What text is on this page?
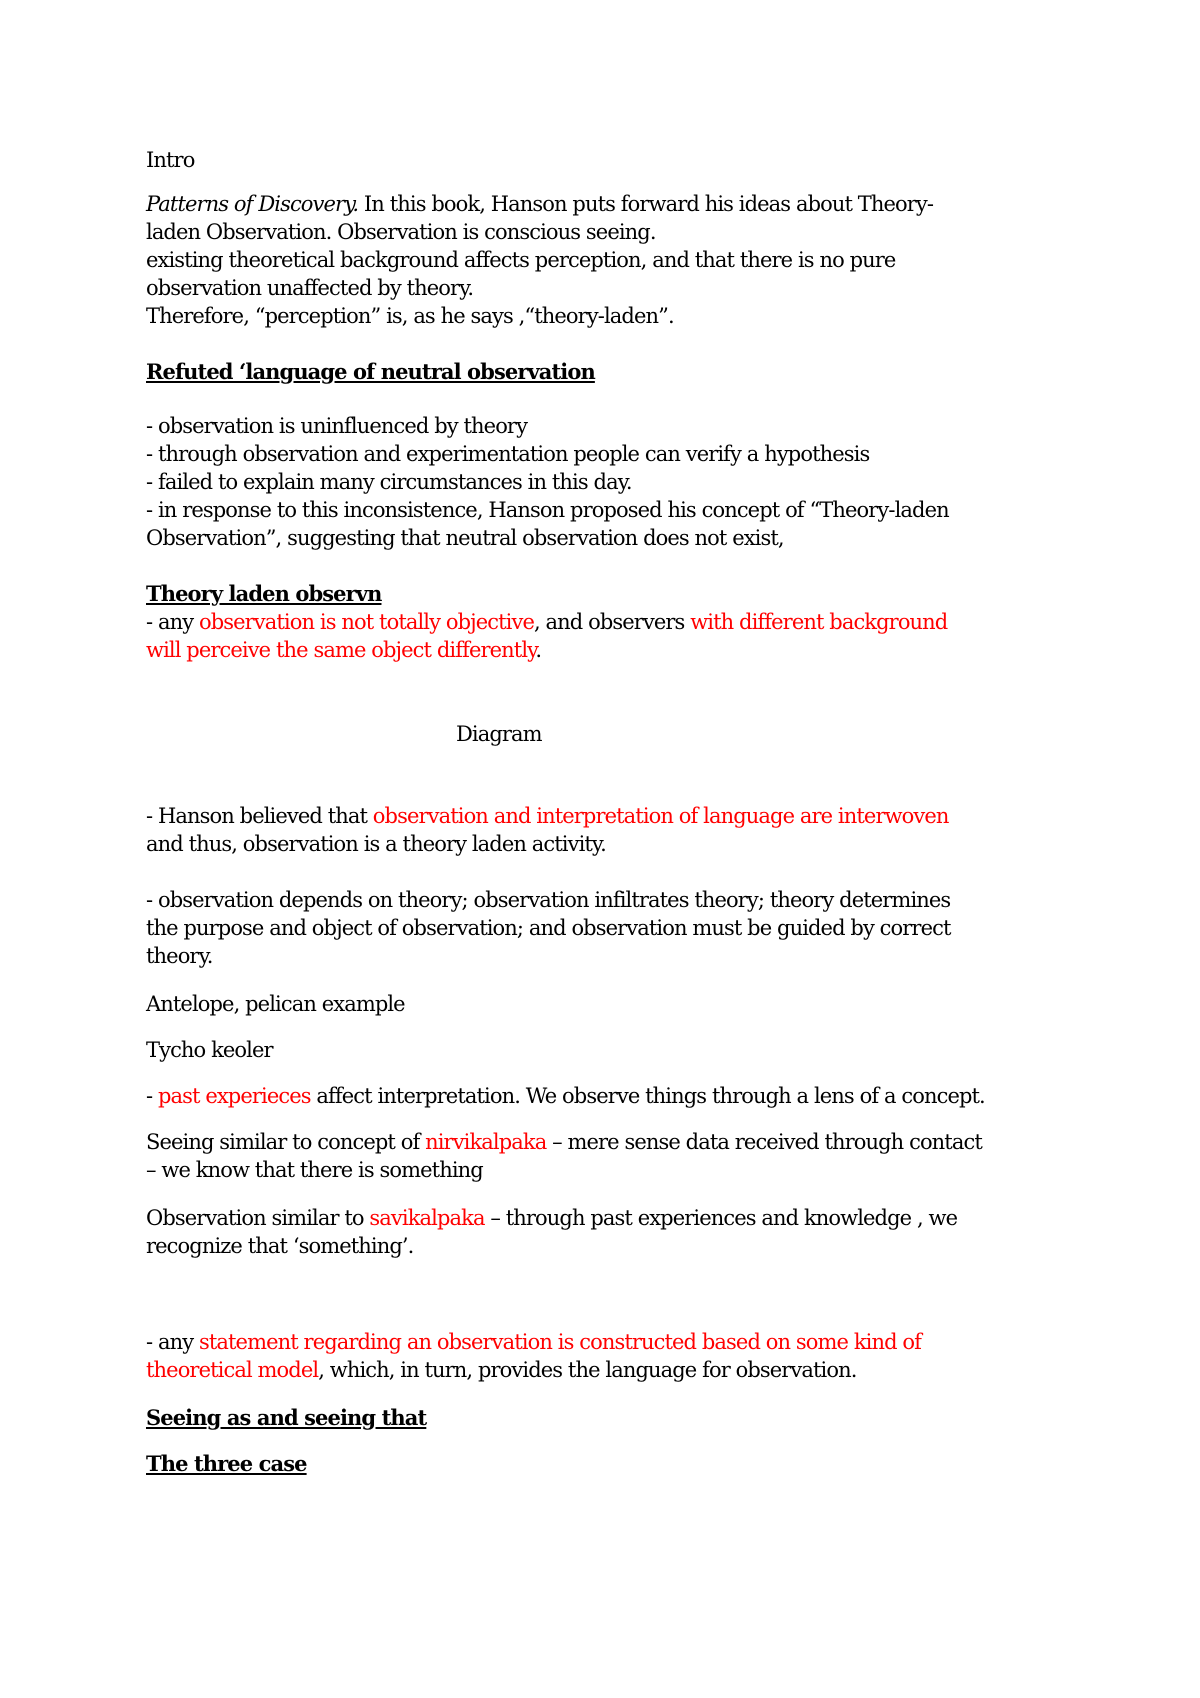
Intro
Patterns of Discovery. In this book, Hanson puts forward his ideas about Theory-
laden Observation. Observation is conscious seeing.
existing theoretical background affects perception, and that there is no pure
observation unaffected by theory.
Therefore, “perception” is, as he says ,“theory-laden”.
Refuted ‘language of neutral observation
- observation is uninfluenced by theory
- through observation and experimentation people can verify a hypothesis
- failed to explain many circumstances in this day.
- in response to this inconsistence, Hanson proposed his concept of “Theory-laden
Observation”, suggesting that neutral observation does not exist,
Theory laden observn
- any observation is not totally objective, and observers with different background
will perceive the same object differently.
Diagram
- Hanson believed that observation and interpretation of language are interwoven
and thus, observation is a theory laden activity.
- observation depends on theory; observation infiltrates theory; theory determines
the purpose and object of observation; and observation must be guided by correct
theory.
Antelope, pelican example
Tycho keoler
- past experieces affect interpretation. We observe things through a lens of a concept.
Seeing similar to concept of nirvikalpaka – mere sense data received through contact
– we know that there is something
Observation similar to savikalpaka – through past experiences and knowledge , we
recognize that ‘something’.
- any statement regarding an observation is constructed based on some kind of
theoretical model, which, in turn, provides the language for observation.
Seeing as and seeing that
The three case
